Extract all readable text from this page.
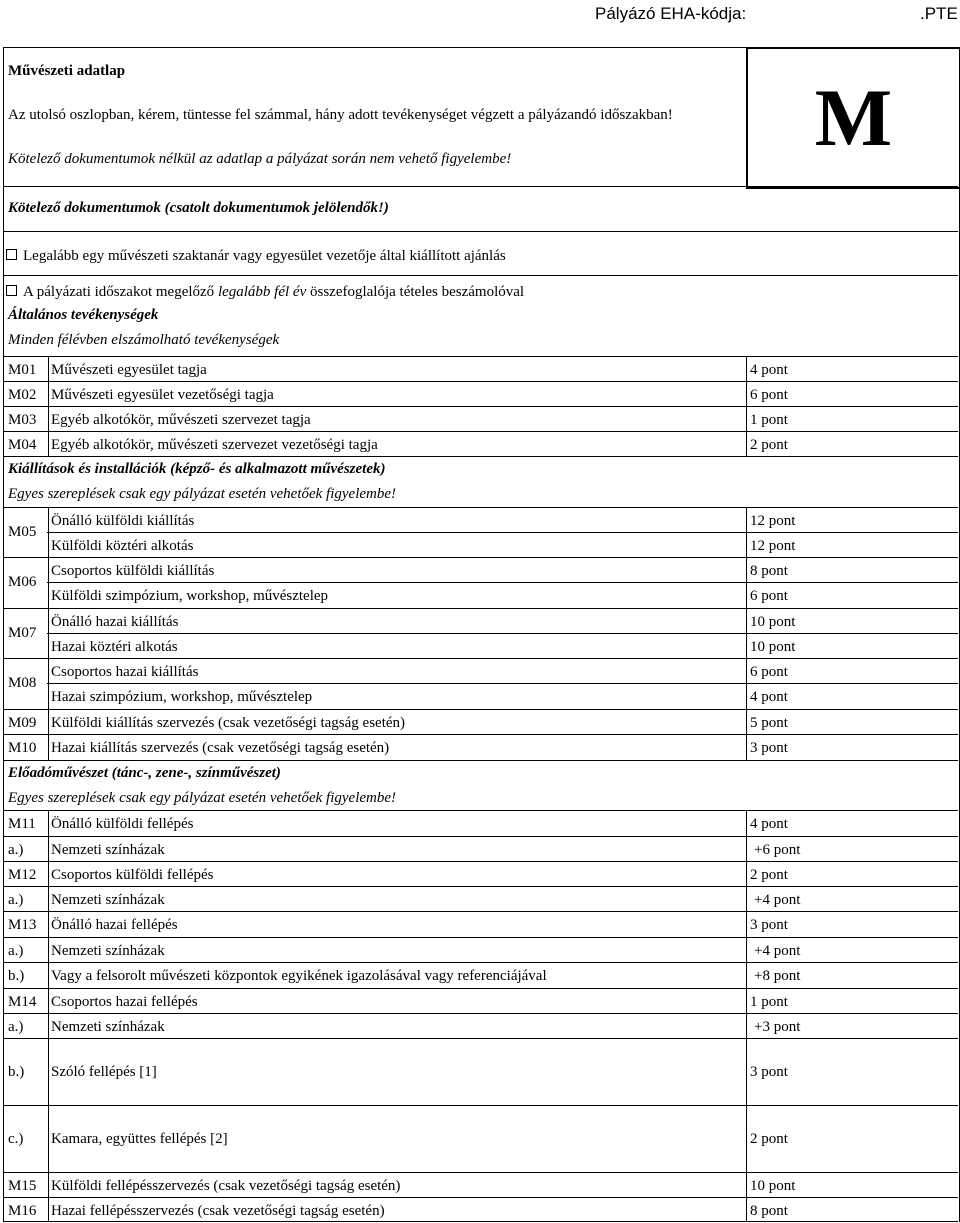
Pályázó EHA-kódja:	.PTE
M
Művészeti adatlap
Az utolsó oszlopban, kérem, tüntesse fel számmal, hány adott tevékenységet végzett a pályázandó időszakban!
Kötelező dokumentumok nélkül az adatlap a pályázat során nem vehető figyelembe!
Kötelező dokumentumok (csatolt dokumentumok jelölendők!)
Legalább egy művészeti szaktanár vagy egyesület vezetője által kiállított ajánlás
A pályázati időszakot megelőző legalább fél év összefoglalója tételes beszámolóval
Általános tevékenységek
Minden félévben elszámolható tevékenységek
Kiállítások és installációk (képző- és alkalmazott művészetek)
Egyes szereplések csak egy pályázat esetén vehetőek figyelembe!
Előadóművészet (tánc-, zene-, színművészet)
Egyes szereplések csak egy pályázat esetén vehetőek figyelembe!
M01 Művészeti egyesület tagja	4 pont
M02 Művészeti egyesület vezetőségi tagja	6 pont
M03 Egyéb alkotókör, művészeti szervezet tagja	1 pont
M04 Egyéb alkotókör, művészeti szervezet vezetőségi tagja	2 pont
M05
Önálló külföldi kiállítás	12 pont
Külföldi köztéri alkotás	12 pont
M06
Csoportos külföldi kiállítás	8 pont
Külföldi szimpózium, workshop, művésztelep	6 pont
M07
Önálló hazai kiállítás	10 pont
Hazai köztéri alkotás	10 pont
M08
Csoportos hazai kiállítás	6 pont
Hazai szimpózium, workshop, művésztelep	4 pont
M09 Külföldi kiállítás szervezés (csak vezetőségi tagság esetén)	5 pont
M10 Hazai kiállítás szervezés (csak vezetőségi tagság esetén)	3 pont
M11 Önálló külföldi fellépés	4 pont
a.) Nemzeti színházak	+6 pont
M12 Csoportos külföldi fellépés	2 pont
a.) Nemzeti színházak	+4 pont
M13 Önálló hazai fellépés	3 pont
a.) Nemzeti színházak	+4 pont
b.) Vagy a felsorolt művészeti központok egyikének igazolásával vagy referenciájával	+8 pont
M14 Csoportos hazai fellépés	1 pont
a.) Nemzeti színházak	+3 pont
b.) Szóló fellépés [1]	3 pont
c.) Kamara, együttes fellépés [2]	2 pont
M15 Külföldi fellépésszervezés (csak vezetőségi tagság esetén)	10 pont
M16 Hazai fellépésszervezés (csak vezetőségi tagság esetén)	8 pont
